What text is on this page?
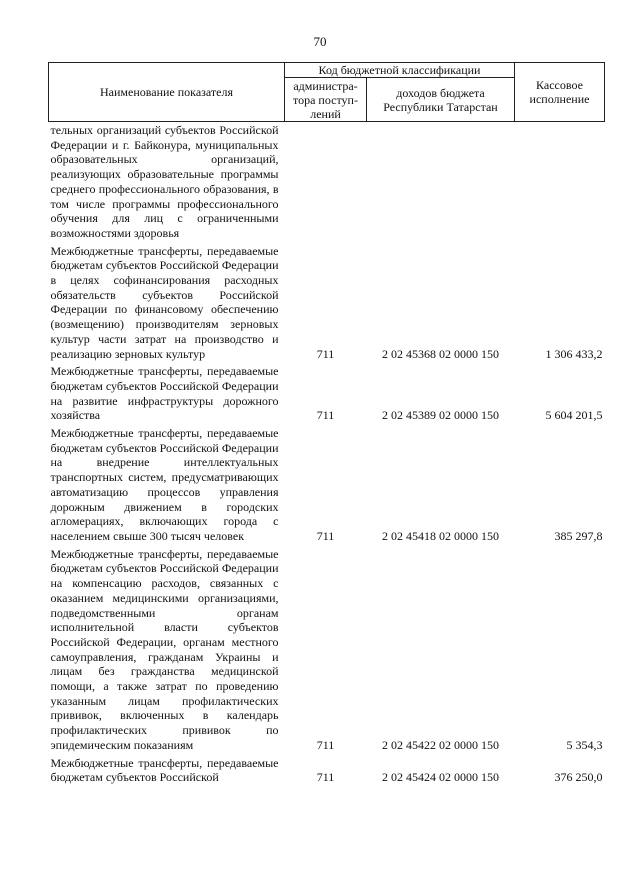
70
Наименование показателя	Код бюджетной классификации		Кассовое исполнение
	администра-тора поступ-лений	доходов бюджета Республики Татарстан	
тельных организаций субъектов Российской Федерации и г. Байконура, муниципальных образовательных организаций, реализующих образовательные программы среднего профессионального образования, в том числе программы профессионального обучения для лиц с ограниченными возможностями здоровья			
Межбюджетные трансферты, передаваемые бюджетам субъектов Российской Федерации в целях софинансирования расходных обязательств субъектов Российской Федерации по финансовому обеспечению (возмещению) производителям зерновых культур части затрат на производство и реализацию зерновых культур	711	2 02 45368 02 0000 150	1 306 433,2
Межбюджетные трансферты, передаваемые бюджетам субъектов Российской Федерации на развитие инфраструктуры дорожного хозяйства	711	2 02 45389 02 0000 150	5 604 201,5
Межбюджетные трансферты, передаваемые бюджетам субъектов Российской Федерации на внедрение интеллектуальных транспортных систем, предусматривающих автоматизацию процессов управления дорожным движением в городских агломерациях, включающих города с населением свыше 300 тысяч человек	711	2 02 45418 02 0000 150	385 297,8
Межбюджетные трансферты, передаваемые бюджетам субъектов Российской Федерации на компенсацию расходов, связанных с оказанием медицинскими организациями, подведомственными органам исполнительной власти субъектов Российской Федерации, органам местного самоуправления, гражданам Украины и лицам без гражданства медицинской помощи, а также затрат по проведению указанным лицам профилактических прививок, включенных в календарь профилактических прививок по эпидемическим показаниям	711	2 02 45422 02 0000 150	5 354,3
Межбюджетные трансферты, передаваемые бюджетам субъектов Российской	711	2 02 45424 02 0000 150	376 250,0
